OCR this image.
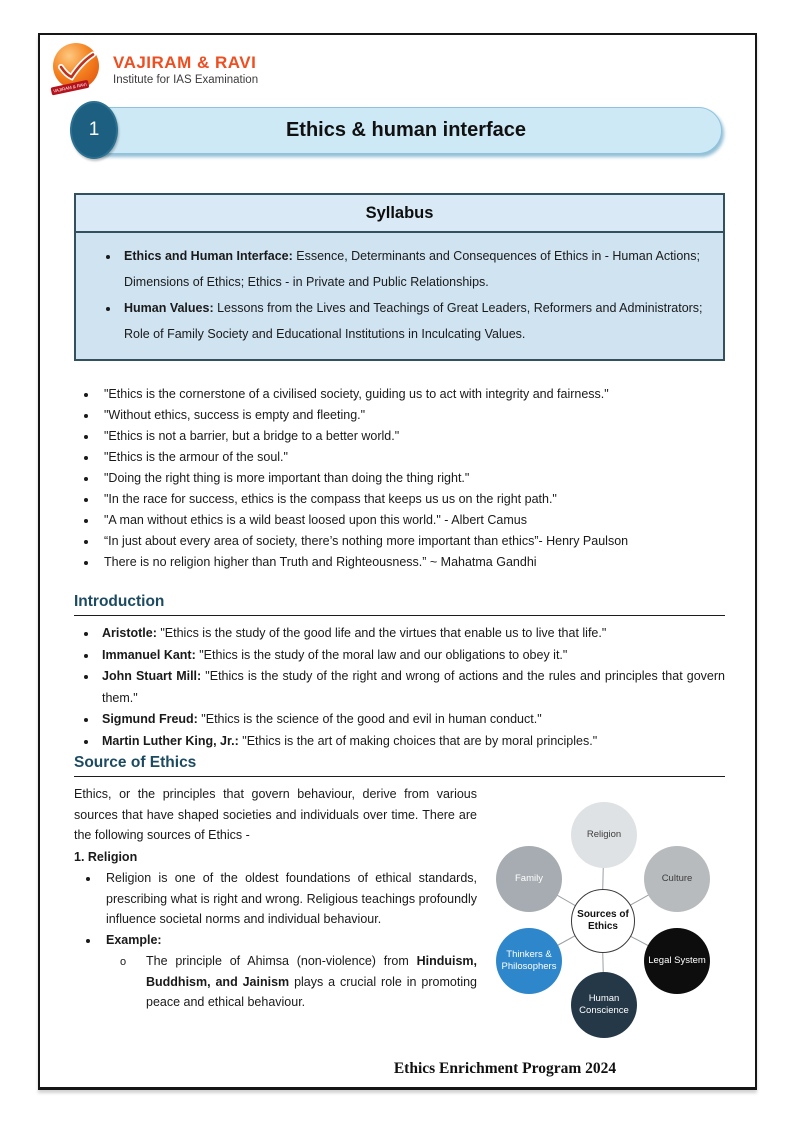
VAJIRAM & RAVI
VAJIRAM & RAVI
Institute for IAS Examination
Ethics & human interface
1
Syllabus
• Ethics and Human Interface: Essence, Determinants and Consequences of Ethics in - Human Actions; Dimensions of Ethics; Ethics - in Private and Public Relationships.
• Human Values: Lessons from the Lives and Teachings of Great Leaders, Reformers and Administrators; Role of Family Society and Educational Institutions in Inculcating Values.
• "Ethics is the cornerstone of a civilised society, guiding us to act with integrity and fairness."
• "Without ethics, success is empty and fleeting."
• "Ethics is not a barrier, but a bridge to a better world."
• "Ethics is the armour of the soul."
• "Doing the right thing is more important than doing the thing right."
• "In the race for success, ethics is the compass that keeps us us on the right path."
• "A man without ethics is a wild beast loosed upon this world." - Albert Camus
• “In just about every area of society, there’s nothing more important than ethics”- Henry Paulson
• There is no religion higher than Truth and Righteousness.” ~ Mahatma Gandhi
Introduction
• Aristotle: "Ethics is the study of the good life and the virtues that enable us to live that life."
• Immanuel Kant: "Ethics is the study of the moral law and our obligations to obey it."
• John Stuart Mill: "Ethics is the study of the right and wrong of actions and the rules and principles that govern them."
• Sigmund Freud: "Ethics is the science of the good and evil in human conduct."
• Martin Luther King, Jr.: "Ethics is the art of making choices that are by moral principles."
Source of Ethics

Ethics, or the principles that govern behaviour, derive from various sources that have shaped societies and individuals over time. There are the following sources of Ethics -

1. Religion

• Religion is one of the oldest foundations of ethical standards, prescribing what is right and wrong. Religious teachings profoundly influence societal norms and individual behaviour.
• Example:
o	The principle of Ahimsa (non-violence) from Hinduism, Buddhism, and Jainism plays a crucial role in promoting peace and ethical behaviour.

Religion
Family	Culture
Thinkers & Philosophers
Legal System
Human Conscience
Sources of Ethics
Ethics Enrichment Program 2024
